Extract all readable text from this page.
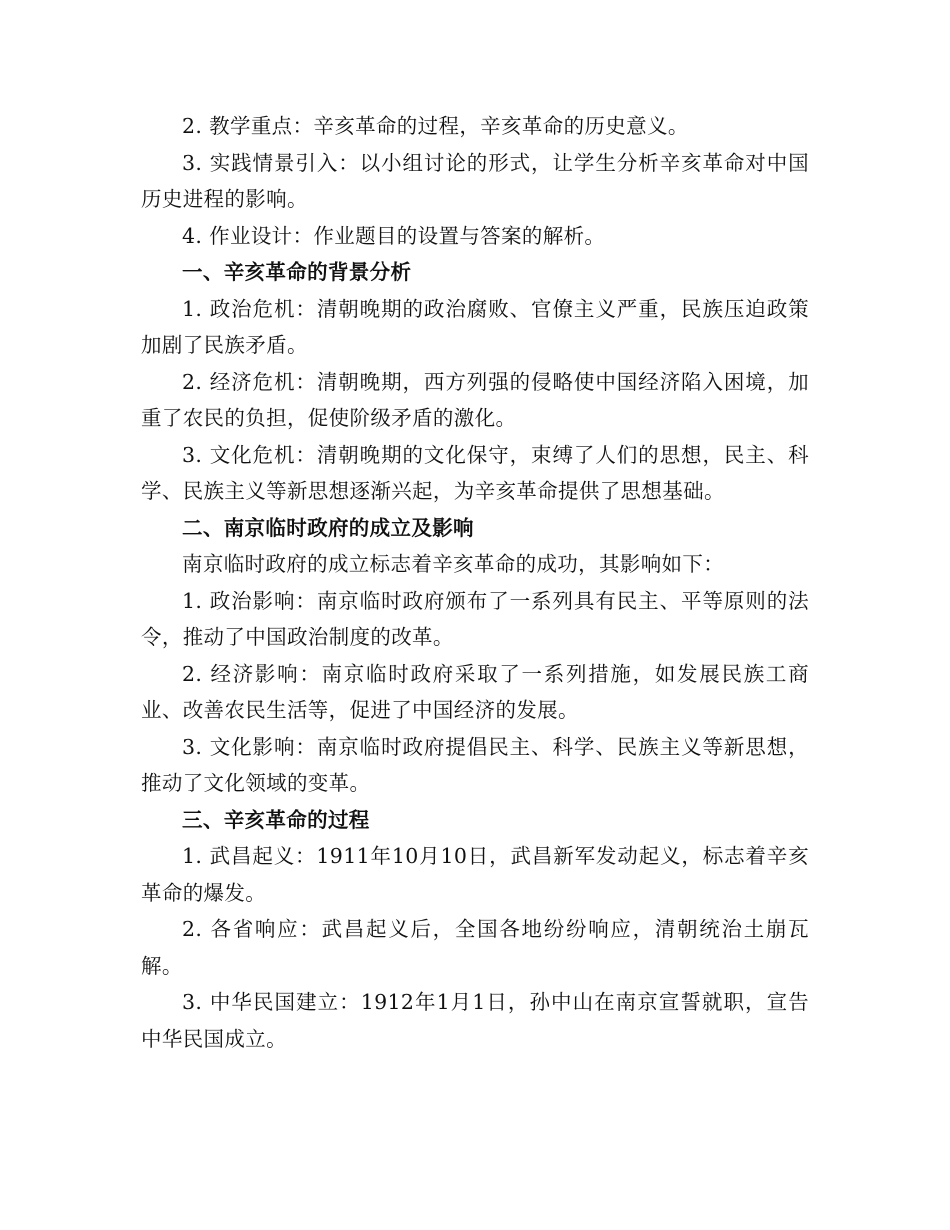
2. 教学重点：辛亥革命的过程，辛亥革命的历史意义。

3. 实践情景引入：以小组讨论的形式，让学生分析辛亥革命对中国历史进程的影响。

4. 作业设计：作业题目的设置与答案的解析。

一、辛亥革命的背景分析

1. 政治危机：清朝晚期的政治腐败、官僚主义严重，民族压迫政策加剧了民族矛盾。

2. 经济危机：清朝晚期，西方列强的侵略使中国经济陷入困境，加重了农民的负担，促使阶级矛盾的激化。

3. 文化危机：清朝晚期的文化保守，束缚了人们的思想，民主、科学、民族主义等新思想逐渐兴起，为辛亥革命提供了思想基础。

二、南京临时政府的成立及影响

南京临时政府的成立标志着辛亥革命的成功，其影响如下：

1. 政治影响：南京临时政府颁布了一系列具有民主、平等原则的法令，推动了中国政治制度的改革。

2. 经济影响：南京临时政府采取了一系列措施，如发展民族工商业、改善农民生活等，促进了中国经济的发展。

3. 文化影响：南京临时政府提倡民主、科学、民族主义等新思想，推动了文化领域的变革。

三、辛亥革命的过程

1. 武昌起义：1911年10月10日，武昌新军发动起义，标志着辛亥革命的爆发。

2. 各省响应：武昌起义后，全国各地纷纷响应，清朝统治土崩瓦解。

3. 中华民国建立：1912年1月1日，孙中山在南京宣誓就职，宣告中华民国成立。
